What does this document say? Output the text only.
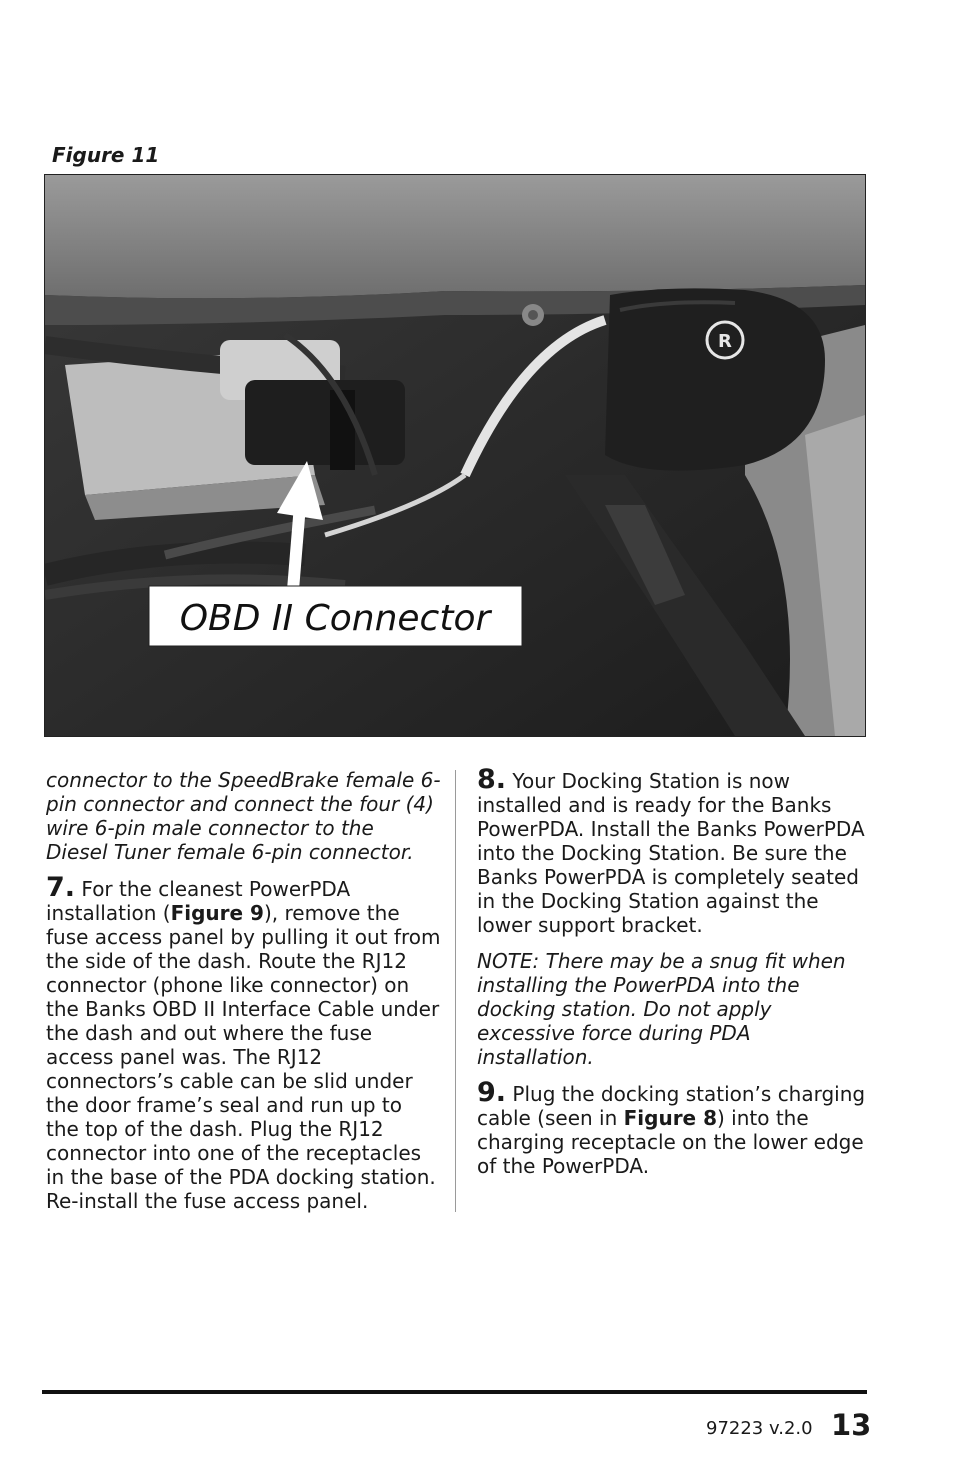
Figure 11
R
OBD II Connector

connector to the SpeedBrake female 6-pin connector and connect the four (4) wire 6-pin male connector to the Diesel Tuner female 6-pin connector.

7. For the cleanest PowerPDA installation (Figure 9), remove the fuse access panel by pulling it out from the side of the dash. Route the RJ12 connector (phone like connector) on the Banks OBD II Interface Cable under the dash and out where the fuse access panel was. The RJ12 connectors’s cable can be slid under the door frame’s seal and run up to the top of the dash. Plug the RJ12 connector into one of the receptacles in the base of the PDA docking station. Re-install the fuse access panel.

8. Your Docking Station is now installed and is ready for the Banks PowerPDA. Install the Banks PowerPDA into the Docking Station. Be sure the Banks PowerPDA is completely seated in the Docking Station against the lower support bracket.

NOTE: There may be a snug fit when installing the PowerPDA into the docking station. Do not apply excessive force during PDA installation.

9. Plug the docking station’s charging cable (seen in Figure 8) into the charging receptacle on the lower edge of the PowerPDA.

97223 v.2.0 13
